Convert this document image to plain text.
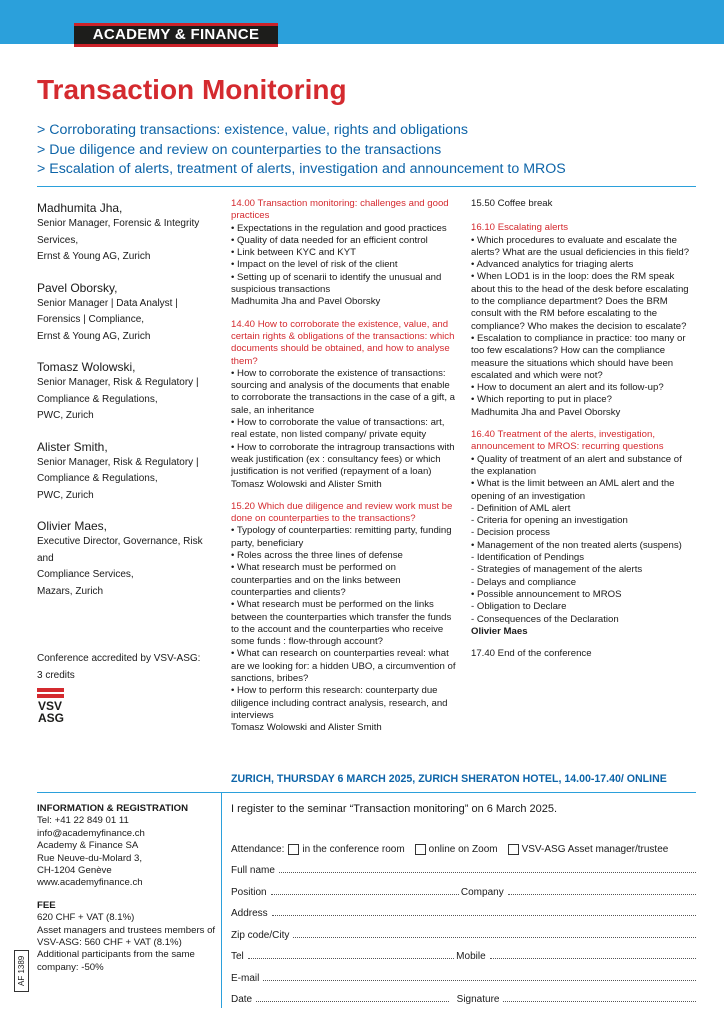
ACADEMY & FINANCE
Transaction Monitoring
> Corroborating transactions: existence, value, rights and obligations
> Due diligence and review on counterparties to the transactions
> Escalation of alerts, treatment of alerts, investigation and announcement to MROS
Madhumita Jha,
Senior Manager, Forensic & Integrity
Services,
Ernst & Young AG, Zurich
Pavel Oborsky,
Senior Manager | Data Analyst |
Forensics | Compliance,
Ernst & Young AG, Zurich
Tomasz Wolowski,
Senior Manager, Risk & Regulatory |
Compliance & Regulations,
PWC, Zurich
Alister Smith,
Senior Manager, Risk & Regulatory |
Compliance & Regulations,
PWC, Zurich
Olivier Maes,
Executive Director, Governance, Risk and
Compliance Services,
Mazars, Zurich
Conference accredited by VSV-ASG:
3 credits
VSV
ASG
14.00 Transaction monitoring: challenges and good practices
• Expectations in the regulation and good practices
• Quality of data needed for an efficient control
• Link between KYC and KYT
• Impact on the level of risk of the client
• Setting up of scenarii to identify the unusual and suspicious transactions
Madhumita Jha and Pavel Oborsky
14.40 How to corroborate the existence, value, and certain rights & obligations of the transactions: which documents should be obtained, and how to analyse them?
• How to corroborate the existence of transactions: sourcing and analysis of the documents that enable to corroborate the transactions in the case of a gift, a sale, an inheritance
• How to corroborate the value of transactions: art, real estate, non listed company/ private equity
• How to corroborate the intragroup transactions with weak justification (ex : consultancy fees) or which justification is not verified (repayment of a loan)
Tomasz Wolowski and Alister Smith
15.20 Which due diligence and review work must be done on counterparties to the transactions?
• Typology of counterparties: remitting party, funding party, beneficiary
• Roles across the three lines of defense
• What research must be performed on counterparties and on the links between counterparties and clients?
• What research must be performed on the links between the counterparties which transfer the funds to the account and the counterparties who receive some funds : flow-through account?
• What can research on counterparties reveal: what are we looking for: a hidden UBO, a circumvention of sanctions, bribes?
• How to perform this research: counterparty due diligence including contract analysis, research, and interviews
Tomasz Wolowski and Alister Smith
15.50 Coffee break
16.10 Escalating alerts
• Which procedures to evaluate and escalate the alerts? What are the usual deficiencies in this field?
• Advanced analytics for triaging alerts
• When LOD1 is in the loop: does the RM speak about this to the head of the desk before escalating to the compliance department? Does the BRM consult with the RM before escalating to the compliance? Who makes the decision to escalate?
• Escalation to compliance in practice: too many or too few escalations? How can the compliance measure the situations which should have been escalated and which were not?
• How to document an alert and its follow-up?
• Which reporting to put in place?
Madhumita Jha and Pavel Oborsky
16.40 Treatment of the alerts, investigation, announcement to MROS: recurring questions
• Quality of treatment of an alert and substance of the explanation
• What is the limit between an AML alert and the opening of an investigation
- Definition of AML alert
- Criteria for opening an investigation
- Decision process
• Management of the non treated alerts (suspens)
- Identification of Pendings
- Strategies of management of the alerts
- Delays and compliance
• Possible announcement to MROS
- Obligation to Declare
- Consequences of the Declaration
Olivier Maes
17.40 End of the conference
ZURICH, THURSDAY 6 MARCH 2025, ZURICH SHERATON HOTEL, 14.00-17.40/ ONLINE
INFORMATION & REGISTRATION
Tel: +41 22 849 01 11
info@academyfinance.ch
Academy & Finance SA
Rue Neuve-du-Molard 3,
CH-1204 Genève
www.academyfinance.ch
FEE
620 CHF + VAT (8.1%)
Asset managers and trustees members of VSV-ASG: 560 CHF + VAT (8.1%)
Additional participants from the same company: -50%
AF 1389
I register to the seminar “Transaction monitoring” on 6 March 2025.
Attendance: in the conference room online on Zoom VSV-ASG Asset manager/trustee
Full name
Position	Company
Address
Zip code/City
Tel	Mobile
E-mail
Date	Signature
